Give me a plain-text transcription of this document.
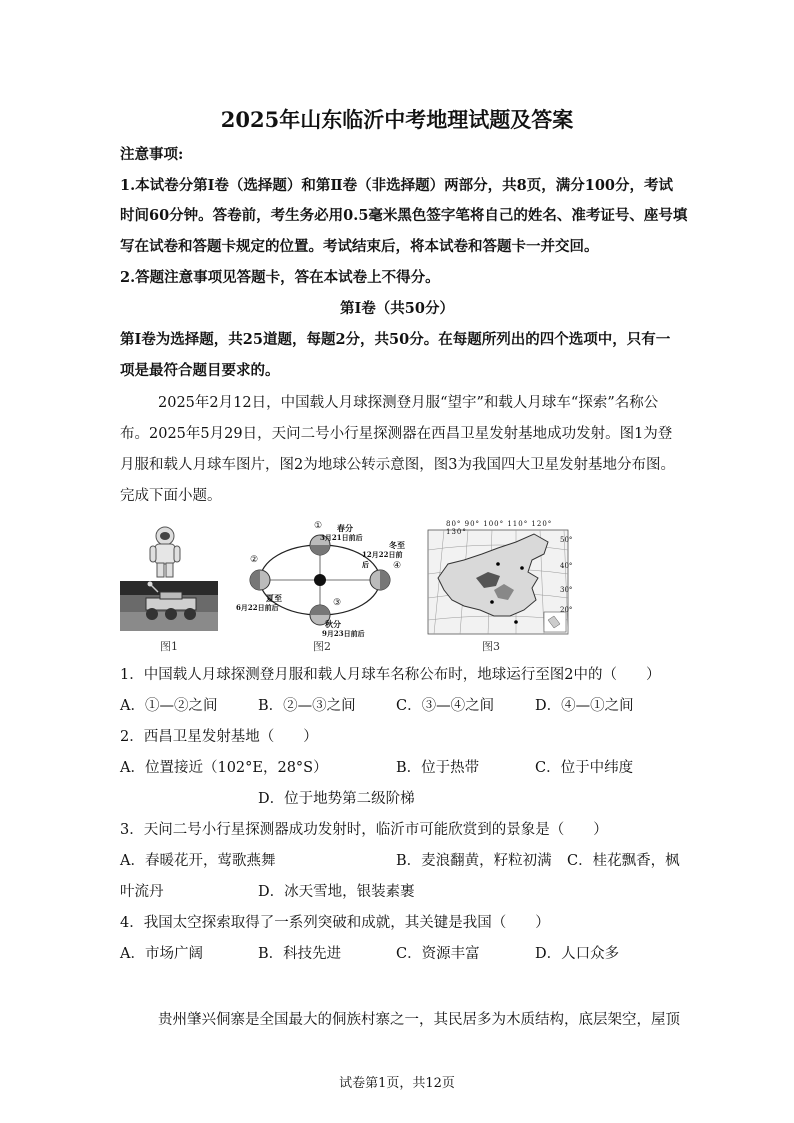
2025年山东临沂中考地理试题及答案
注意事项:
1.本试卷分第Ⅰ卷（选择题）和第Ⅱ卷（非选择题）两部分，共8页，满分100分，考试
时间60分钟。答卷前，考生务必用0.5毫米黑色签字笔将自己的姓名、准考证号、座号填
写在试卷和答题卡规定的位置。考试结束后，将本试卷和答题卡一并交回。
2.答题注意事项见答题卡，答在本试卷上不得分。
第Ⅰ卷（共50分）
第Ⅰ卷为选择题，共25道题，每题2分，共50分。在每题所列出的四个选项中，只有一
项是最符合题目要求的。
2025年2月12日，中国载人月球探测登月服“望宇”和载人月球车“探索”名称公
布。2025年5月29日，天问二号小行星探测器在西昌卫星发射基地成功发射。图1为登
月服和载人月球车图片，图2为地球公转示意图，图3为我国四大卫星发射基地分布图。
完成下面小题。
图1
① 春分
3月21日前后
冬至
12月22日前后	④
②
夏至
6月22日前后	③
秋分
9月23日前后
图2
80° 90° 100° 110° 120° 130°
50°
40°
30°
20°
图3
1．中国载人月球探测登月服和载人月球车名称公布时，地球运行至图2中的（　　）
A．①—②之间	B．②—③之间	C．③—④之间	D．④—①之间
2．西昌卫星发射基地（　　）
A．位置接近（102°E，28°S）	B．位于热带	C．位于中纬度
D．位于地势第二级阶梯
3．天问二号小行星探测器成功发射时，临沂市可能欣赏到的景象是（　　）
A．春暖花开，莺歌燕舞	B．麦浪翻黄，籽粒初满 C．桂花飘香，枫
叶流丹	D．冰天雪地，银装素裹
4．我国太空探索取得了一系列突破和成就，其关键是我国（　　）
A．市场广阔	B．科技先进	C．资源丰富	D．人口众多
贵州肇兴侗寨是全国最大的侗族村寨之一，其民居多为木质结构，底层架空，屋顶
试卷第1页，共12页
